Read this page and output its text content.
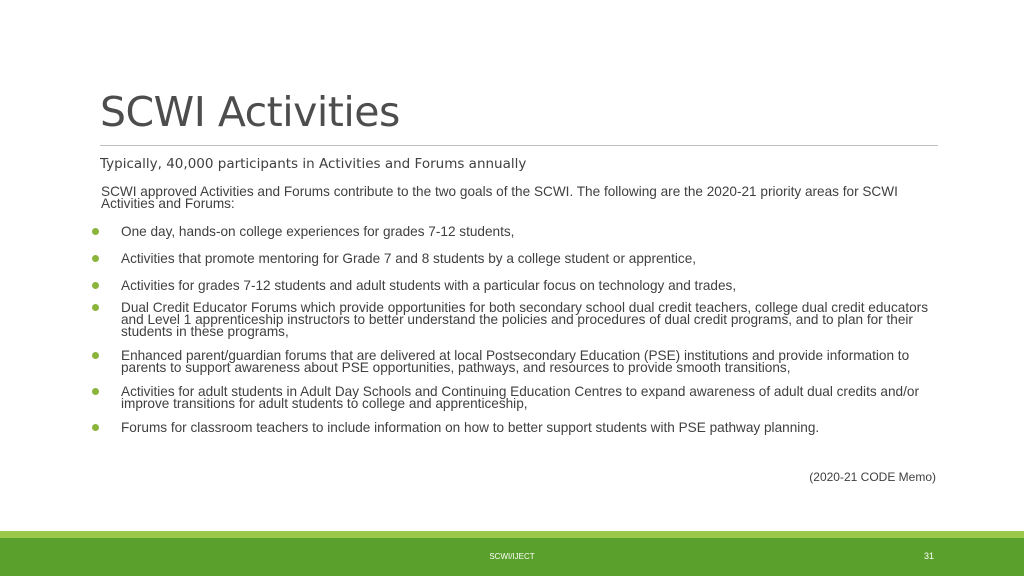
SCWI Activities
Typically, 40,000 participants in Activities and Forums annually
SCWI approved Activities and Forums contribute to the two goals of the SCWI. The following are the 2020-21 priority areas for SCWI Activities and Forums:
One day, hands-on college experiences for grades 7-12 students,
Activities that promote mentoring for Grade 7 and 8 students by a college student or apprentice,
Activities for grades 7-12 students and adult students with a particular focus on technology and trades,
Dual Credit Educator Forums which provide opportunities for both secondary school dual credit teachers, college dual credit educators and Level 1 apprenticeship instructors to better understand the policies and procedures of dual credit programs, and to plan for their students in these programs,
Enhanced parent/guardian forums that are delivered at local Postsecondary Education (PSE) institutions and provide information to parents to support awareness about PSE opportunities, pathways, and resources to provide smooth transitions,
Activities for adult students in Adult Day Schools and Continuing Education Centres to expand awareness of adult dual credits and/or improve transitions for adult students to college and apprenticeship,
Forums for classroom teachers to include information on how to better support students with PSE pathway planning.
(2020-21 CODE Memo)
SCWI/IJECT	31
